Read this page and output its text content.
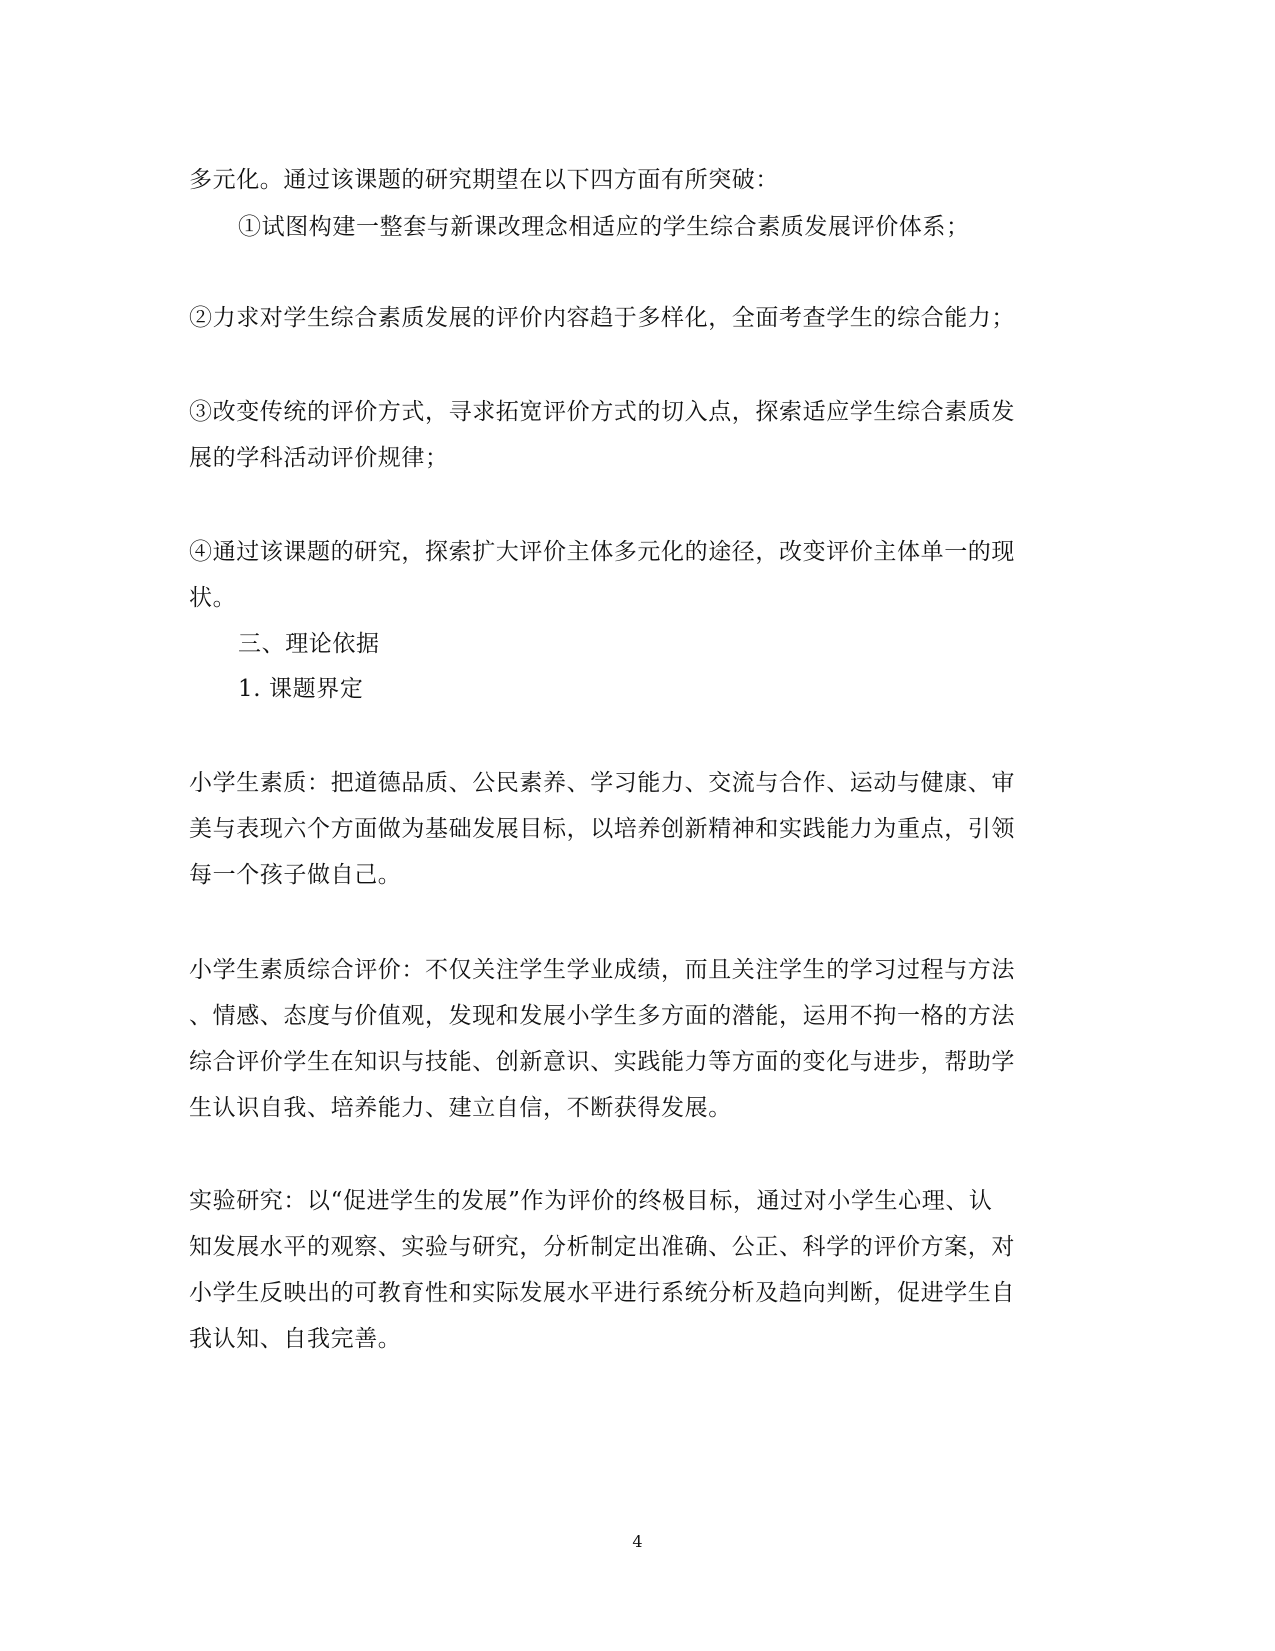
多元化。通过该课题的研究期望在以下四方面有所突破：
①试图构建一整套与新课改理念相适应的学生综合素质发展评价体系；
②力求对学生综合素质发展的评价内容趋于多样化，全面考查学生的综合能力；
③改变传统的评价方式，寻求拓宽评价方式的切入点，探索适应学生综合素质发
展的学科活动评价规律；
④通过该课题的研究，探索扩大评价主体多元化的途径，改变评价主体单一的现
状。
三、理论依据
1. 课题界定
小学生素质：把道德品质、公民素养、学习能力、交流与合作、运动与健康、审
美与表现六个方面做为基础发展目标，以培养创新精神和实践能力为重点，引领
每一个孩子做自己。
小学生素质综合评价：不仅关注学生学业成绩，而且关注学生的学习过程与方法
、情感、态度与价值观，发现和发展小学生多方面的潜能，运用不拘一格的方法
综合评价学生在知识与技能、创新意识、实践能力等方面的变化与进步，帮助学
生认识自我、培养能力、建立自信，不断获得发展。
实验研究：以“促进学生的发展”作为评价的终极目标，通过对小学生心理、认
知发展水平的观察、实验与研究，分析制定出准确、公正、科学的评价方案，对
小学生反映出的可教育性和实际发展水平进行系统分析及趋向判断，促进学生自
我认知、自我完善。
4
